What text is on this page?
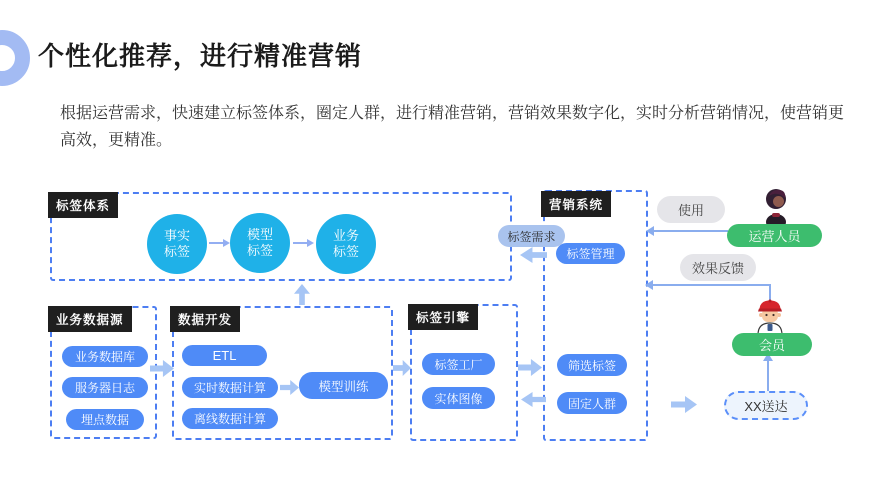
个性化推荐，进行精准营销

根据运营需求，快速建立标签体系，圈定人群，进行精准营销，营销效果数字化，实时分析营销情况，使营销更高效，更精准。

标签体系
事实标签
模型标签
业务标签
业务数据源
业务数据库
服务器日志
埋点数据
数据开发
ETL
实时数据计算
离线数据计算
模型训练
标签引擎
标签工厂
实体图像
营销系统
标签管理
筛选标签
固定人群
标签需求
使用
运营人员
效果反馈
会员
XX送达
